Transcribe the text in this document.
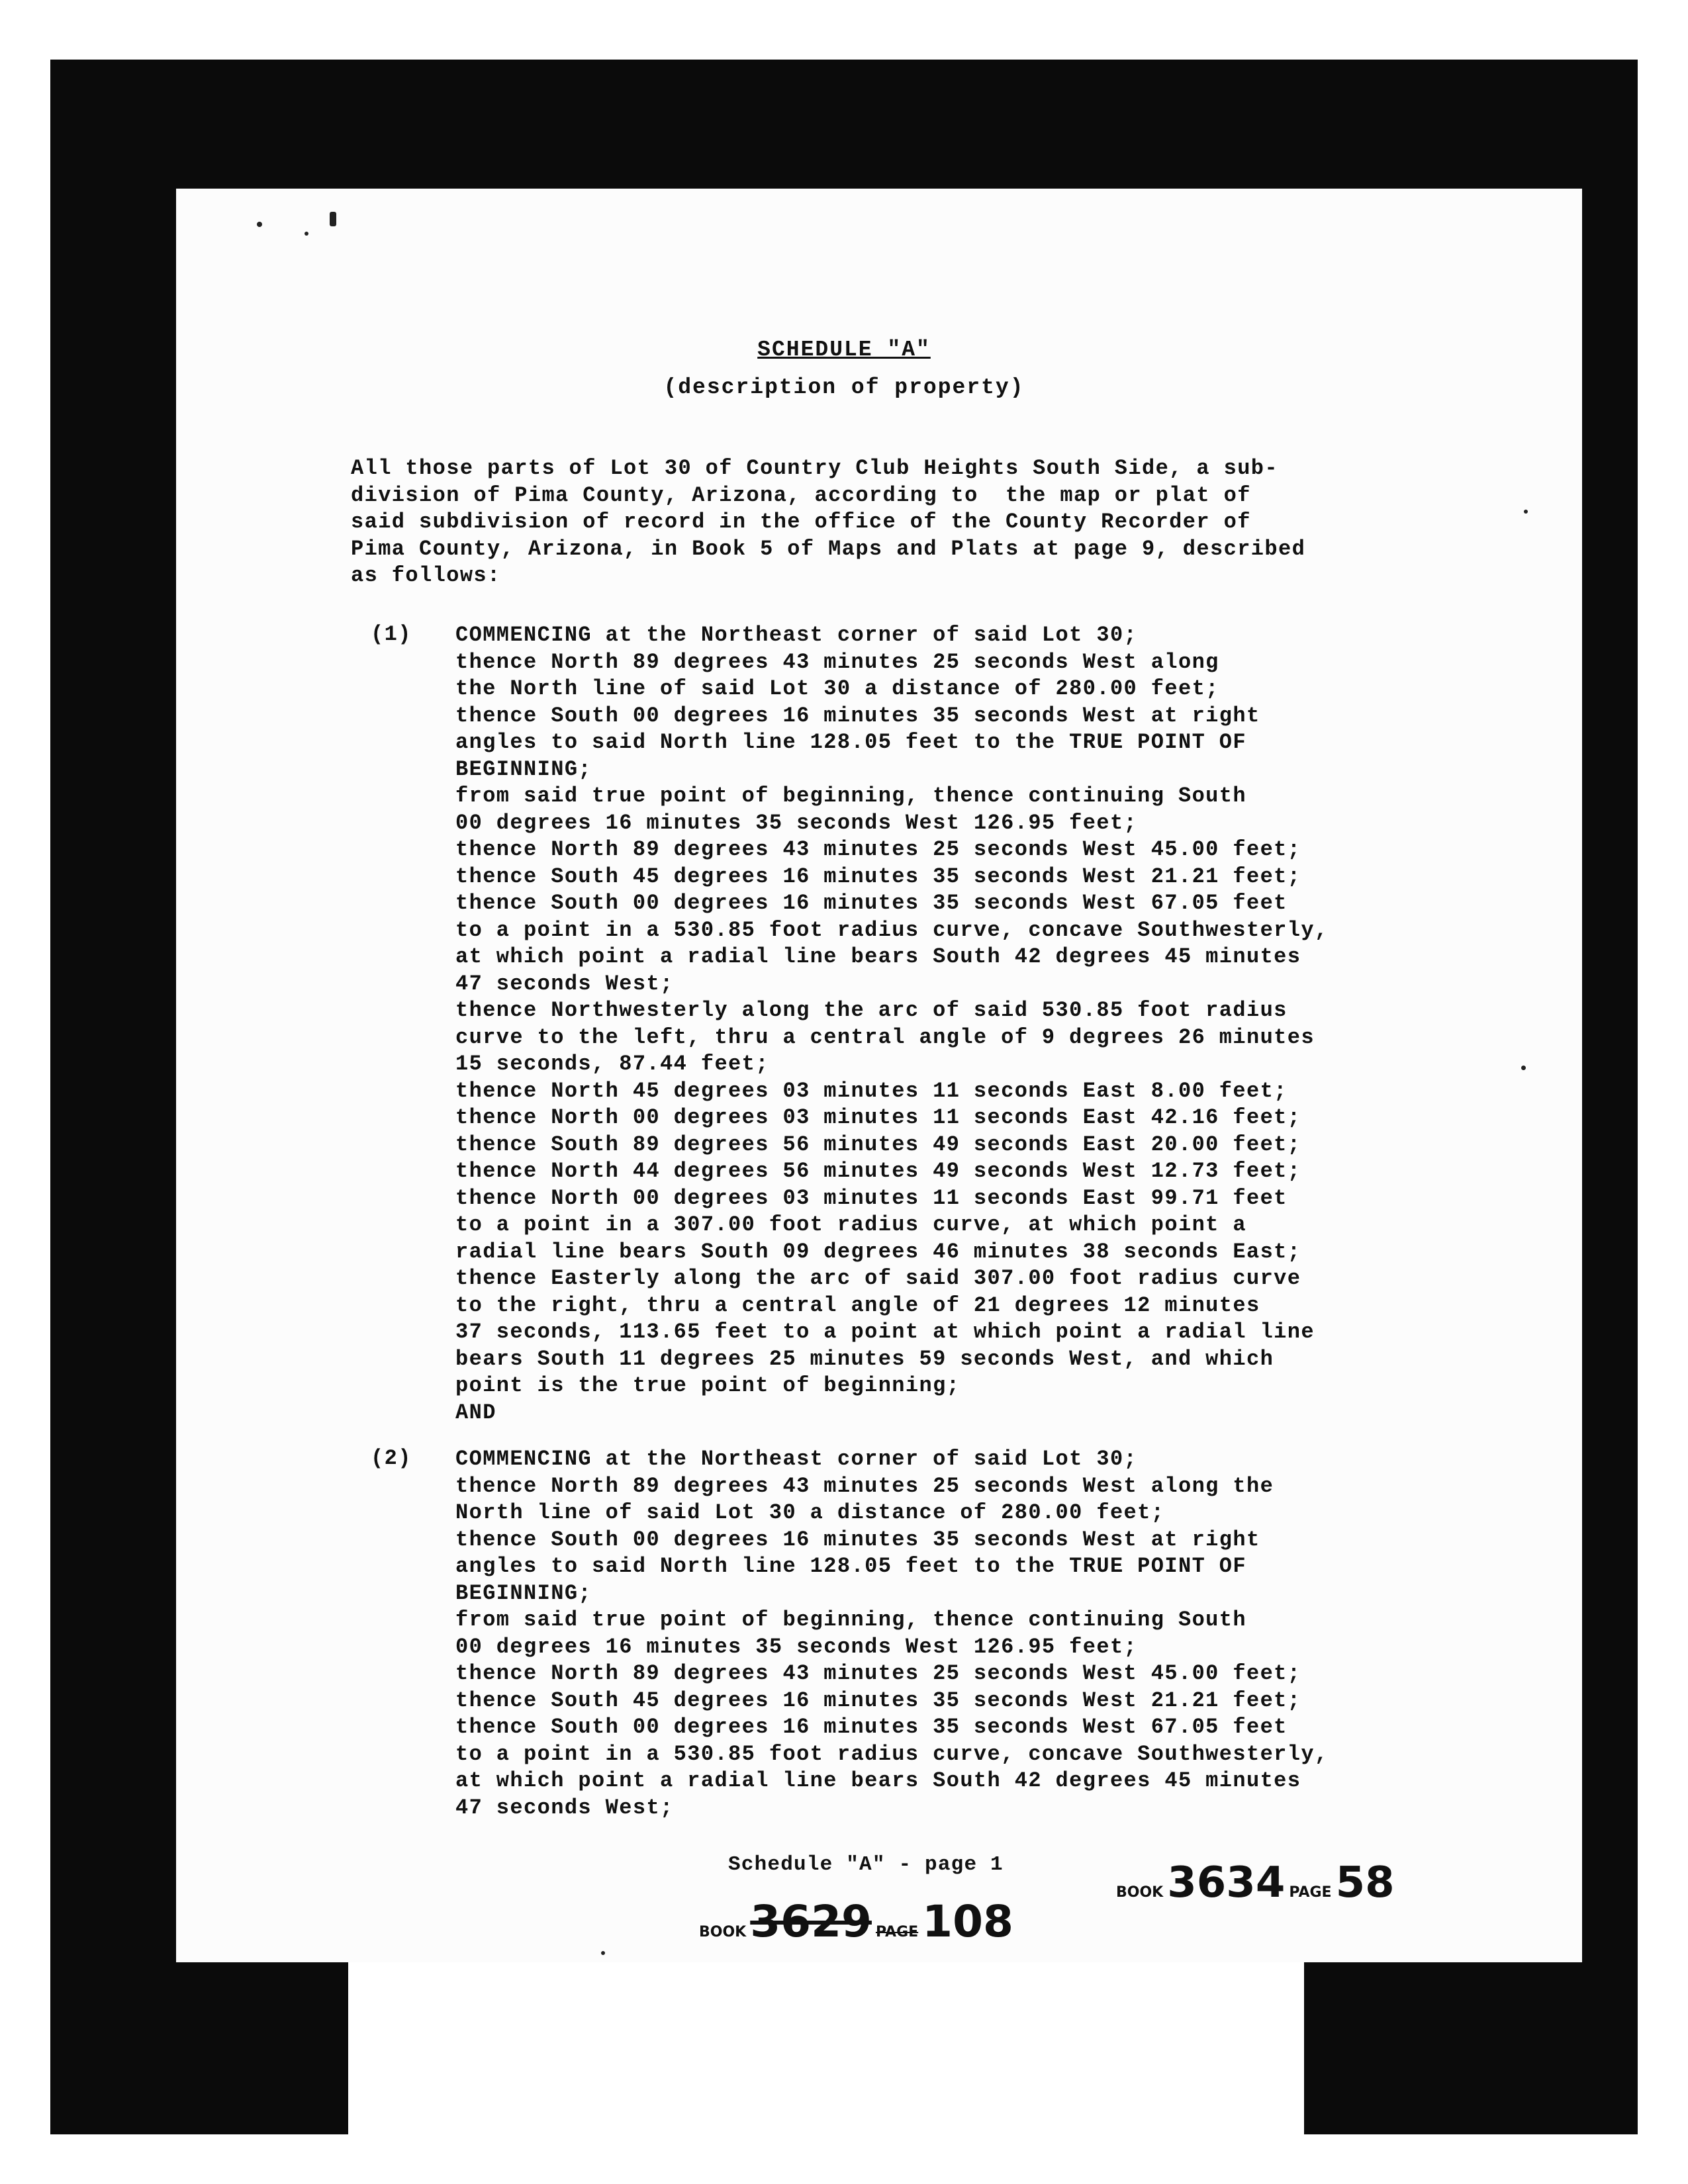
SCHEDULE "A"
(description of property)
All those parts of Lot 30 of Country Club Heights South Side, a sub-
division of Pima County, Arizona, according to  the map or plat of
said subdivision of record in the office of the County Recorder of
Pima County, Arizona, in Book 5 of Maps and Plats at page 9, described
as follows:
(1) COMMENCING at the Northeast corner of said Lot 30;
thence North 89 degrees 43 minutes 25 seconds West along
the North line of said Lot 30 a distance of 280.00 feet;
thence South 00 degrees 16 minutes 35 seconds West at right
angles to said North line 128.05 feet to the TRUE POINT OF
BEGINNING;
from said true point of beginning, thence continuing South
00 degrees 16 minutes 35 seconds West 126.95 feet;
thence North 89 degrees 43 minutes 25 seconds West 45.00 feet;
thence South 45 degrees 16 minutes 35 seconds West 21.21 feet;
thence South 00 degrees 16 minutes 35 seconds West 67.05 feet
to a point in a 530.85 foot radius curve, concave Southwesterly,
at which point a radial line bears South 42 degrees 45 minutes
47 seconds West;
thence Northwesterly along the arc of said 530.85 foot radius
curve to the left, thru a central angle of 9 degrees 26 minutes
15 seconds, 87.44 feet;
thence North 45 degrees 03 minutes 11 seconds East 8.00 feet;
thence North 00 degrees 03 minutes 11 seconds East 42.16 feet;
thence South 89 degrees 56 minutes 49 seconds East 20.00 feet;
thence North 44 degrees 56 minutes 49 seconds West 12.73 feet;
thence North 00 degrees 03 minutes 11 seconds East 99.71 feet
to a point in a 307.00 foot radius curve, at which point a
radial line bears South 09 degrees 46 minutes 38 seconds East;
thence Easterly along the arc of said 307.00 foot radius curve
to the right, thru a central angle of 21 degrees 12 minutes
37 seconds, 113.65 feet to a point at which point a radial line
bears South 11 degrees 25 minutes 59 seconds West, and which
point is the true point of beginning;
AND
(2) COMMENCING at the Northeast corner of said Lot 30;
thence North 89 degrees 43 minutes 25 seconds West along the
North line of said Lot 30 a distance of 280.00 feet;
thence South 00 degrees 16 minutes 35 seconds West at right
angles to said North line 128.05 feet to the TRUE POINT OF
BEGINNING;
from said true point of beginning, thence continuing South
00 degrees 16 minutes 35 seconds West 126.95 feet;
thence North 89 degrees 43 minutes 25 seconds West 45.00 feet;
thence South 45 degrees 16 minutes 35 seconds West 21.21 feet;
thence South 00 degrees 16 minutes 35 seconds West 67.05 feet
to a point in a 530.85 foot radius curve, concave Southwesterly,
at which point a radial line bears South 42 degrees 45 minutes
47 seconds West;
Schedule "A" - page 1
BOOK3629 PAGE108
BOOK3634 PAGE58
